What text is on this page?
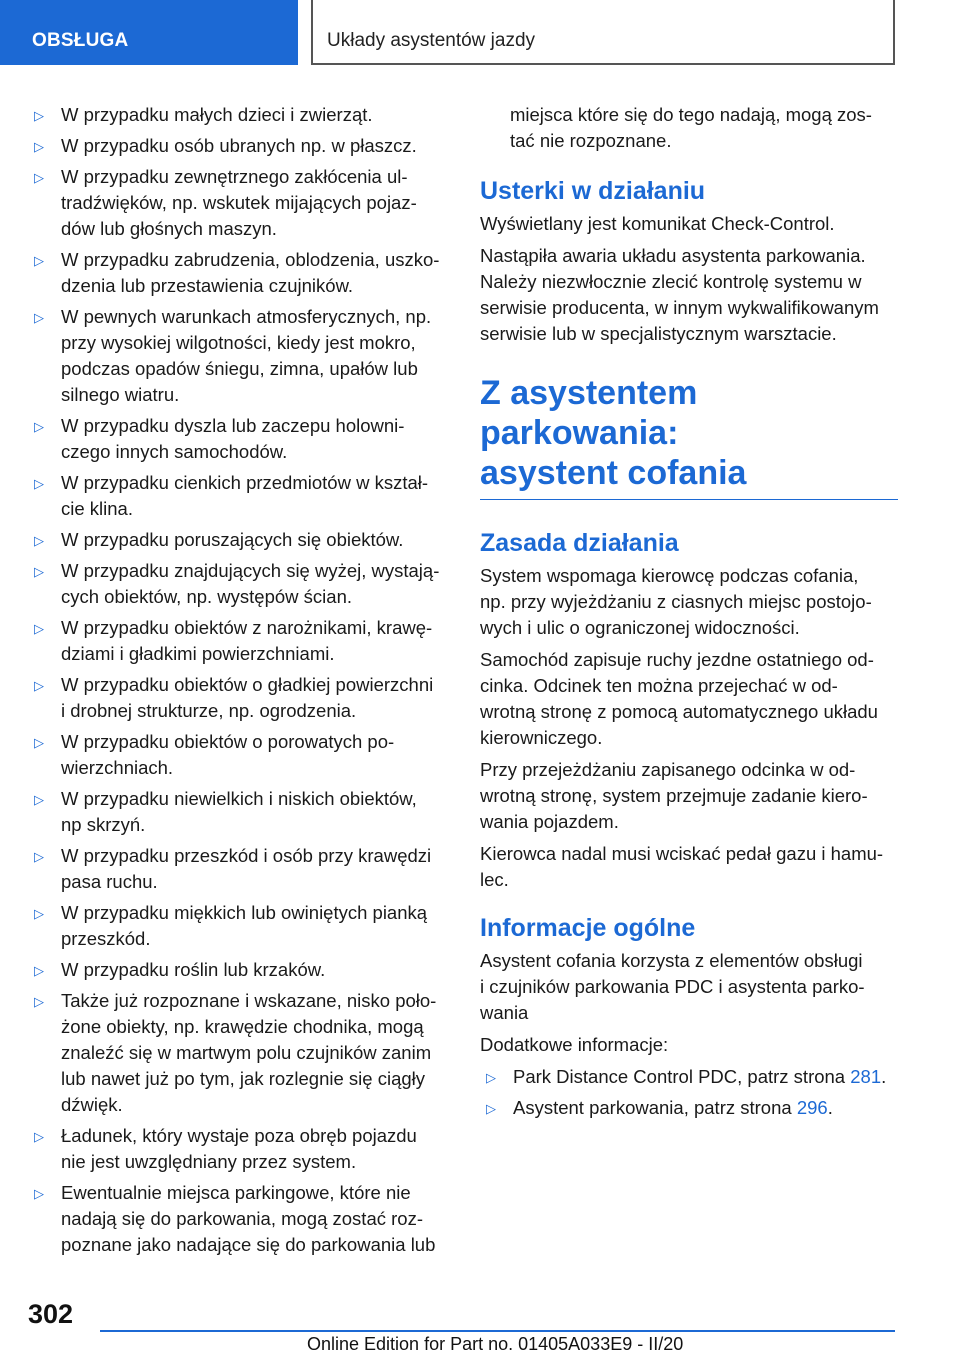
OBSŁUGA	Układy asystentów jazdy
▷ W przypadku małych dzieci i zwierząt.
▷ W przypadku osób ubranych np. w płaszcz.
▷ W przypadku zewnętrznego zakłócenia ul-
tradźwięków, np. wskutek mijających pojaz-
dów lub głośnych maszyn.
▷ W przypadku zabrudzenia, oblodzenia, uszko-
dzenia lub przestawienia czujników.
▷ W pewnych warunkach atmosferycznych, np.
przy wysokiej wilgotności, kiedy jest mokro,
podczas opadów śniegu, zimna, upałów lub
silnego wiatru.
▷ W przypadku dyszla lub zaczepu holowni-
czego innych samochodów.
▷ W przypadku cienkich przedmiotów w kształ-
cie klina.
▷ W przypadku poruszających się obiektów.
▷ W przypadku znajdujących się wyżej, wystają-
cych obiektów, np. występów ścian.
▷ W przypadku obiektów z narożnikami, krawę-
dziami i gładkimi powierzchniami.
▷ W przypadku obiektów o gładkiej powierzchni
i drobnej strukturze, np. ogrodzenia.
▷ W przypadku obiektów o porowatych po-
wierzchniach.
▷ W przypadku niewielkich i niskich obiektów,
np skrzyń.
▷ W przypadku przeszkód i osób przy krawędzi
pasa ruchu.
▷ W przypadku miękkich lub owiniętych pianką
przeszkód.
▷ W przypadku roślin lub krzaków.
▷ Także już rozpoznane i wskazane, nisko poło-
żone obiekty, np. krawędzie chodnika, mogą
znaleźć się w martwym polu czujników zanim
lub nawet już po tym, jak rozlegnie się ciągły
dźwięk.
▷ Ładunek, który wystaje poza obręb pojazdu
nie jest uwzględniany przez system.
▷ Ewentualnie miejsca parkingowe, które nie
nadają się do parkowania, mogą zostać roz-
poznane jako nadające się do parkowania lub
miejsca które się do tego nadają, mogą zos-
tać nie rozpoznane.
Usterki w działaniu

Wyświetlany jest komunikat Check-Control.

Nastąpiła awaria układu asystenta parkowania.
Należy niezwłocznie zlecić kontrolę systemu w
serwisie producenta, w innym wykwalifikowanym
serwisie lub w specjalistycznym warsztacie.

Z asystentem parkowania:
asystent cofania
Zasada działania

System wspomaga kierowcę podczas cofania,
np. przy wyjeżdżaniu z ciasnych miejsc postojo-
wych i ulic o ograniczonej widoczności.

Samochód zapisuje ruchy jezdne ostatniego od-
cinka. Odcinek ten można przejechać w od-
wrotną stronę z pomocą automatycznego układu
kierowniczego.

Przy przejeżdżaniu zapisanego odcinka w od-
wrotną stronę, system przejmuje zadanie kiero-
wania pojazdem.

Kierowca nadal musi wciskać pedał gazu i hamu-
lec.

Informacje ogólne

Asystent cofania korzysta z elementów obsługi
i czujników parkowania PDC i asystenta parko-
wania

Dodatkowe informacje:

▷ Park Distance Control PDC, patrz strona 281.
▷ Asystent parkowania, patrz strona 296.
302
Online Edition for Part no. 01405A033E9 - II/20
